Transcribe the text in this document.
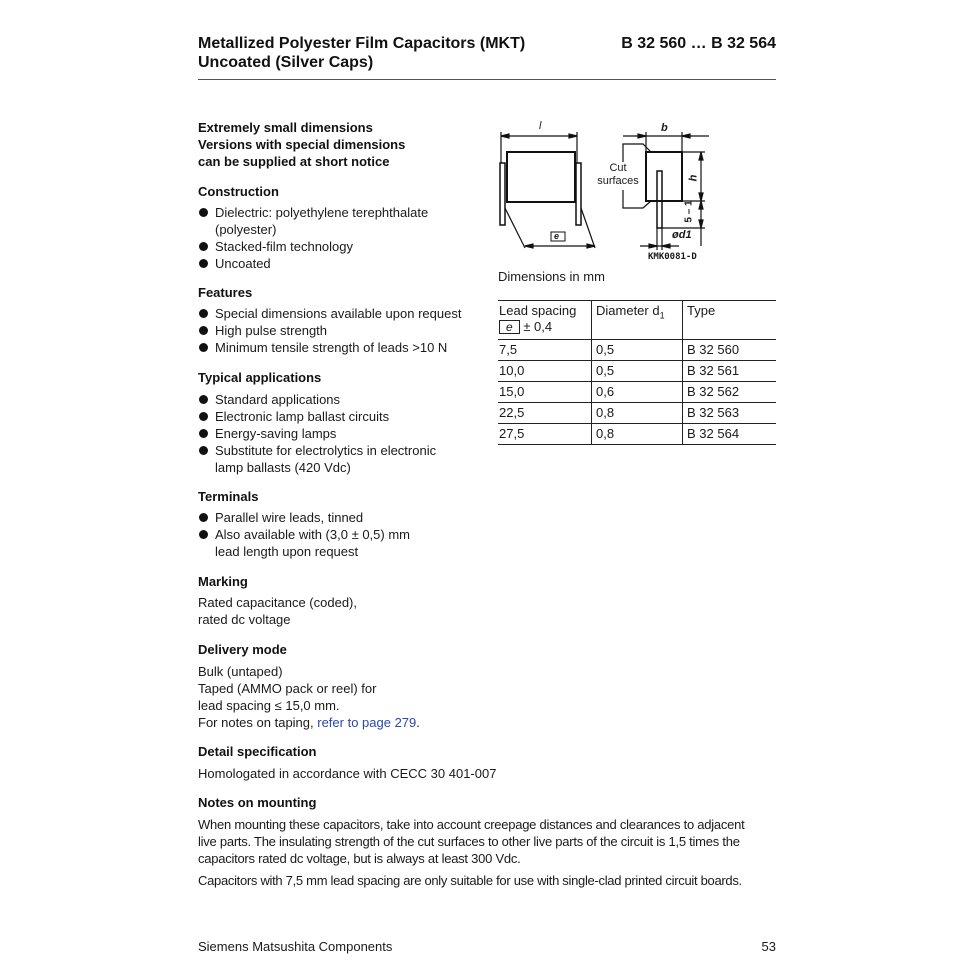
Metallized Polyester Film Capacitors (MKT)
Uncoated (Silver Caps)
B 32 560 … B 32 564
Extremely small dimensions
Versions with special dimensions
can be supplied at short notice
Construction
Dielectric: polyethylene terephthalate (polyester)
Stacked-film technology
Uncoated
Features
Special dimensions available upon request
High pulse strength
Minimum tensile strength of leads >10 N
Typical applications
Standard applications
Electronic lamp ballast circuits
Energy-saving lamps
Substitute for electrolytics in electronic lamp ballasts (420 Vdc)
Terminals
Parallel wire leads, tinned
Also available with (3,0 ± 0,5) mm lead length upon request
Marking
Rated capacitance (coded),
rated dc voltage
Delivery mode
Bulk (untaped)
Taped (AMMO pack or reel) for
lead spacing ≤ 15,0 mm.
For notes on taping, refer to page 279.
Detail specification
Homologated in accordance with CECC 30 401-007
Notes on mounting
When mounting these capacitors, take into account creepage distances and clearances to adjacent
live parts. The insulating strength of the cut surfaces to other live parts of the circuit is 1,5 times the
capacitors rated dc voltage, but is always at least 300 Vdc.
Capacitors with 7,5 mm lead spacing are only suitable for use with single-clad printed circuit boards.
l
e
b
h
5 – 1
ød1
Cut
surfaces
KMK0081-D
Dimensions in mm
Lead spacing
e ± 0,4	Diameter $d_1$	Type
7,5	0,5	B 32 560
10,0	0,5	B 32 561
15,0	0,6	B 32 562
22,5	0,8	B 32 563
27,5	0,8	B 32 564
Siemens Matsushita Components	53
